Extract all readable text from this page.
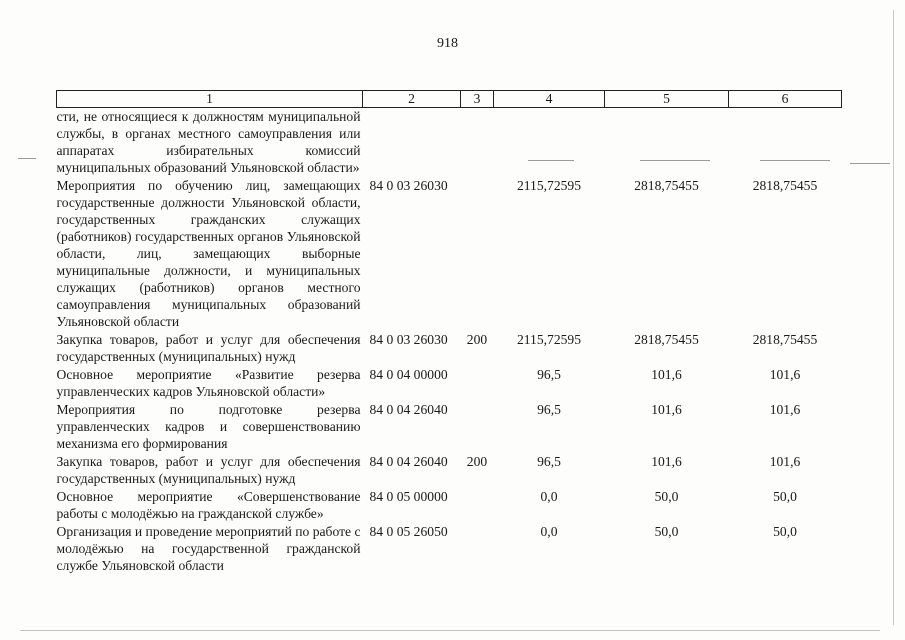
918
1	2	3	4	5	6
сти, не относящиеся к должностям муниципальной службы, в органах местного самоуправления или аппаратах избирательных комиссий муниципальных образований Ульяновской области»					
Мероприятия по обучению лиц, замещающих государственные должности Ульяновской области, государственных гражданских служащих (работников) государственных органов Ульяновской области, лиц, замещающих выборные муниципальные должности, и муниципальных служащих (работников) органов местного самоуправления муниципальных образований Ульяновской области	84 0 03 26030		2115,72595	2818,75455	2818,75455
Закупка товаров, работ и услуг для обеспечения государственных (муниципальных) нужд	84 0 03 26030	200	2115,72595	2818,75455	2818,75455
Основное мероприятие «Развитие резерва управленческих кадров Ульяновской области»	84 0 04 00000		96,5	101,6	101,6
Мероприятия по подготовке резерва управленческих кадров и совершенствованию механизма его формирования	84 0 04 26040		96,5	101,6	101,6
Закупка товаров, работ и услуг для обеспечения государственных (муниципальных) нужд	84 0 04 26040	200	96,5	101,6	101,6
Основное мероприятие «Совершенствование работы с молодёжью на гражданской службе»	84 0 05 00000		0,0	50,0	50,0
Организация и проведение мероприятий по работе с молодёжью на государственной гражданской службе Ульяновской области	84 0 05 26050		0,0	50,0	50,0
